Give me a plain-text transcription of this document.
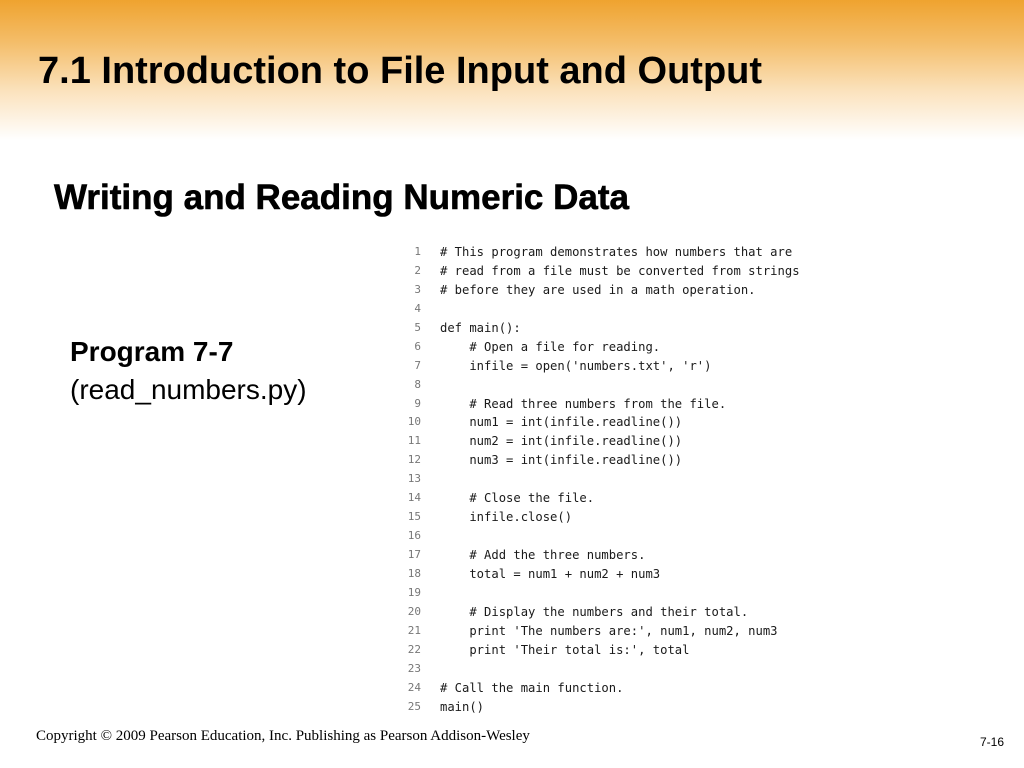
7.1 Introduction to File Input and Output
Writing and Reading Numeric Data
Program 7-7
(read_numbers.py)
1 # This program demonstrates how numbers that are
2 # read from a file must be converted from strings
3 # before they are used in a math operation.
4
5 def main():
6 # Open a file for reading.
7 infile = open('numbers.txt', 'r')
8
9 # Read three numbers from the file.
10 num1 = int(infile.readline())
11 num2 = int(infile.readline())
12 num3 = int(infile.readline())
13
14 # Close the file.
15 infile.close()
16
17 # Add the three numbers.
18 total = num1 + num2 + num3
19
20 # Display the numbers and their total.
21 print 'The numbers are:', num1, num2, num3
22 print 'Their total is:', total
23
24 # Call the main function.
25 main()
Copyright © 2009 Pearson Education, Inc. Publishing as Pearson Addison-Wesley	7-16
